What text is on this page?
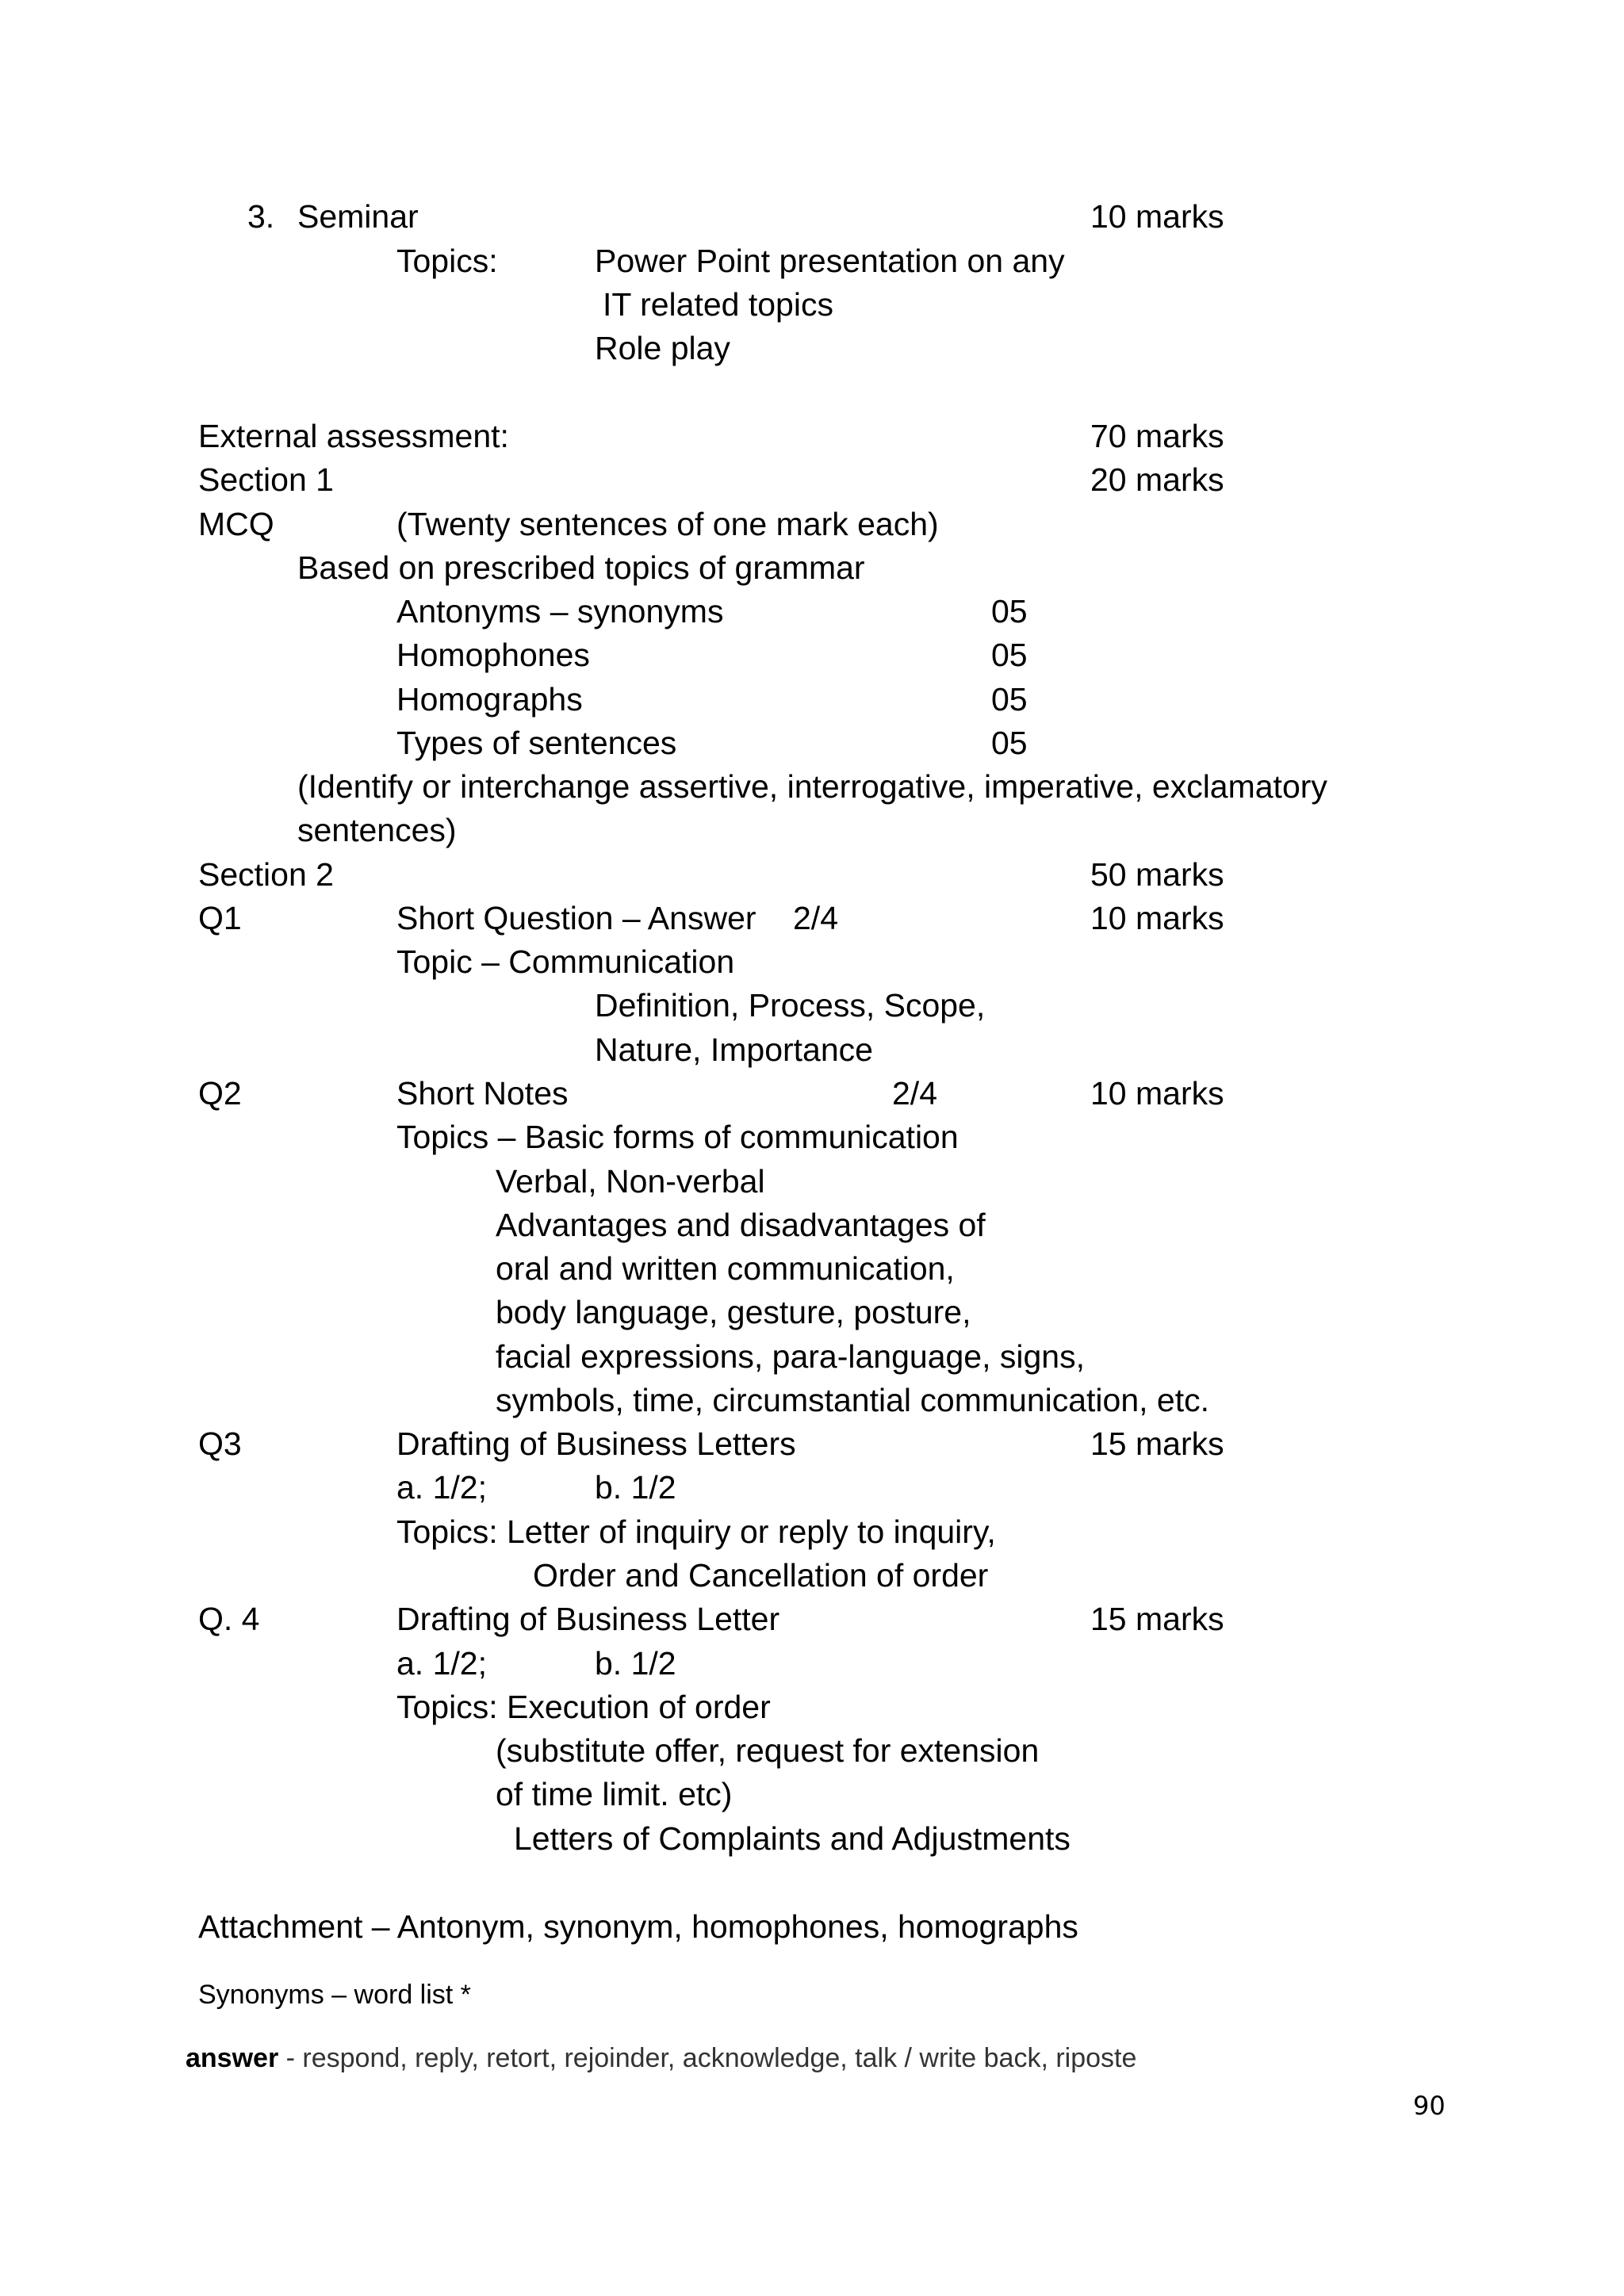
3. Seminar	10 marks
Topics:	Power Point presentation on any
IT related topics
Role play
External assessment:	70 marks
Section 1	20 marks
MCQ	(Twenty sentences of one mark each)
Based on prescribed topics of grammar
Antonyms – synonyms	05
Homophones	05
Homographs	05
Types of sentences	05
(Identify or interchange assertive, interrogative, imperative, exclamatory
sentences)
Section 2	50 marks
Q1	Short Question – Answer 2/4	10 marks
Topic – Communication
Definition, Process, Scope,
Nature, Importance
Q2	Short Notes	2/4	10 marks
Topics – Basic forms of communication
Verbal, Non-verbal
Advantages and disadvantages of
oral and written communication,
body language, gesture, posture,
facial expressions, para-language, signs,
symbols, time, circumstantial communication, etc.
Q3	Drafting of Business Letters	15 marks
a. 1/2;	b. 1/2
Topics: Letter of inquiry or reply to inquiry,
Order and Cancellation of order
Q. 4	Drafting of Business Letter	15 marks
a. 1/2;	b. 1/2
Topics: Execution of order
(substitute offer, request for extension
of time limit. etc)
Letters of Complaints and Adjustments
Attachment – Antonym, synonym, homophones, homographs
Synonyms – word list *
answer - respond, reply, retort, rejoinder, acknowledge, talk / write back, riposte
90
